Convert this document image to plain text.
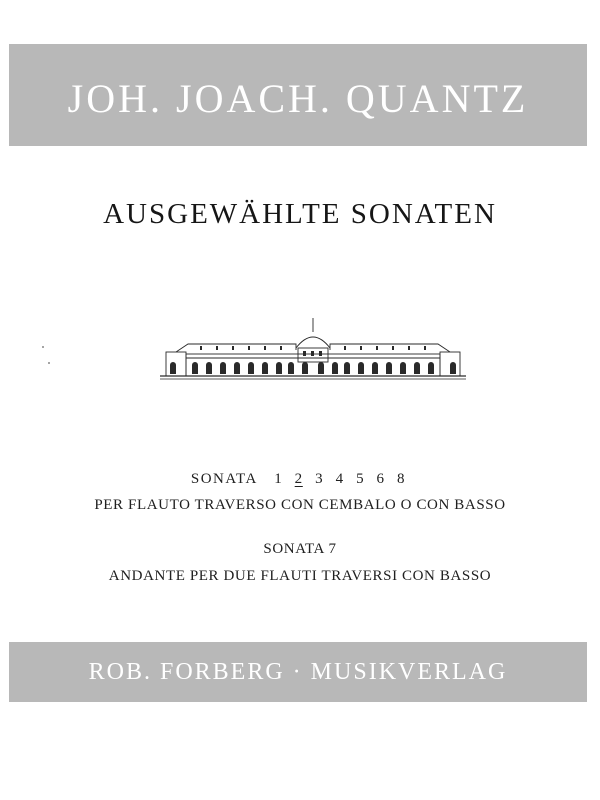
JOH. JOACH. QUANTZ
AUSGEWÄHLTE SONATEN
SONATA 1 2 3 4 5 6 8
PER FLAUTO TRAVERSO CON CEMBALO O CON BASSO
SONATA 7
ANDANTE PER DUE FLAUTI TRAVERSI CON BASSO
ROB. FORBERG · MUSIKVERLAG
